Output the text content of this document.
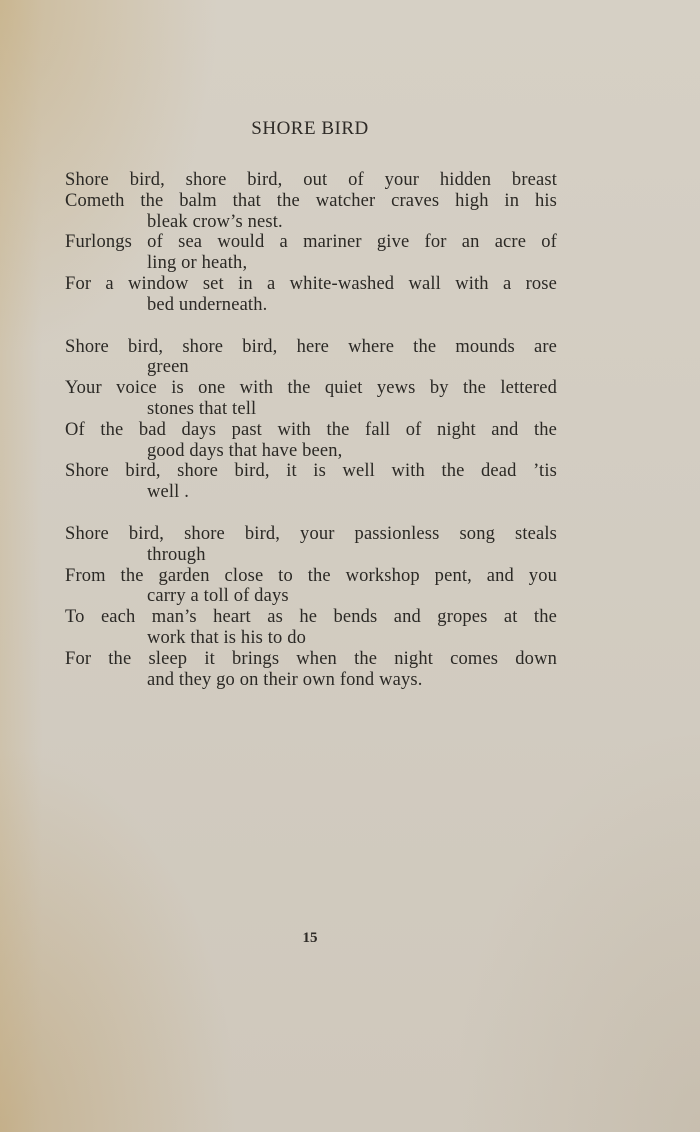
SHORE BIRD
Shore bird, shore bird, out of your hidden breast
Cometh the balm that the watcher craves high in his
bleak crow’s nest.
Furlongs of sea would a mariner give for an acre of
ling or heath,
For a window set in a white-washed wall with a rose
bed underneath.
Shore bird, shore bird, here where the mounds are
green
Your voice is one with the quiet yews by the lettered
stones that tell
Of the bad days past with the fall of night and the
good days that have been,
Shore bird, shore bird, it is well with the dead ’tis
well .
Shore bird, shore bird, your passionless song steals
through
From the garden close to the workshop pent, and you
carry a toll of days
To each man’s heart as he bends and gropes at the
work that is his to do
For the sleep it brings when the night comes down
and they go on their own fond ways.
15
